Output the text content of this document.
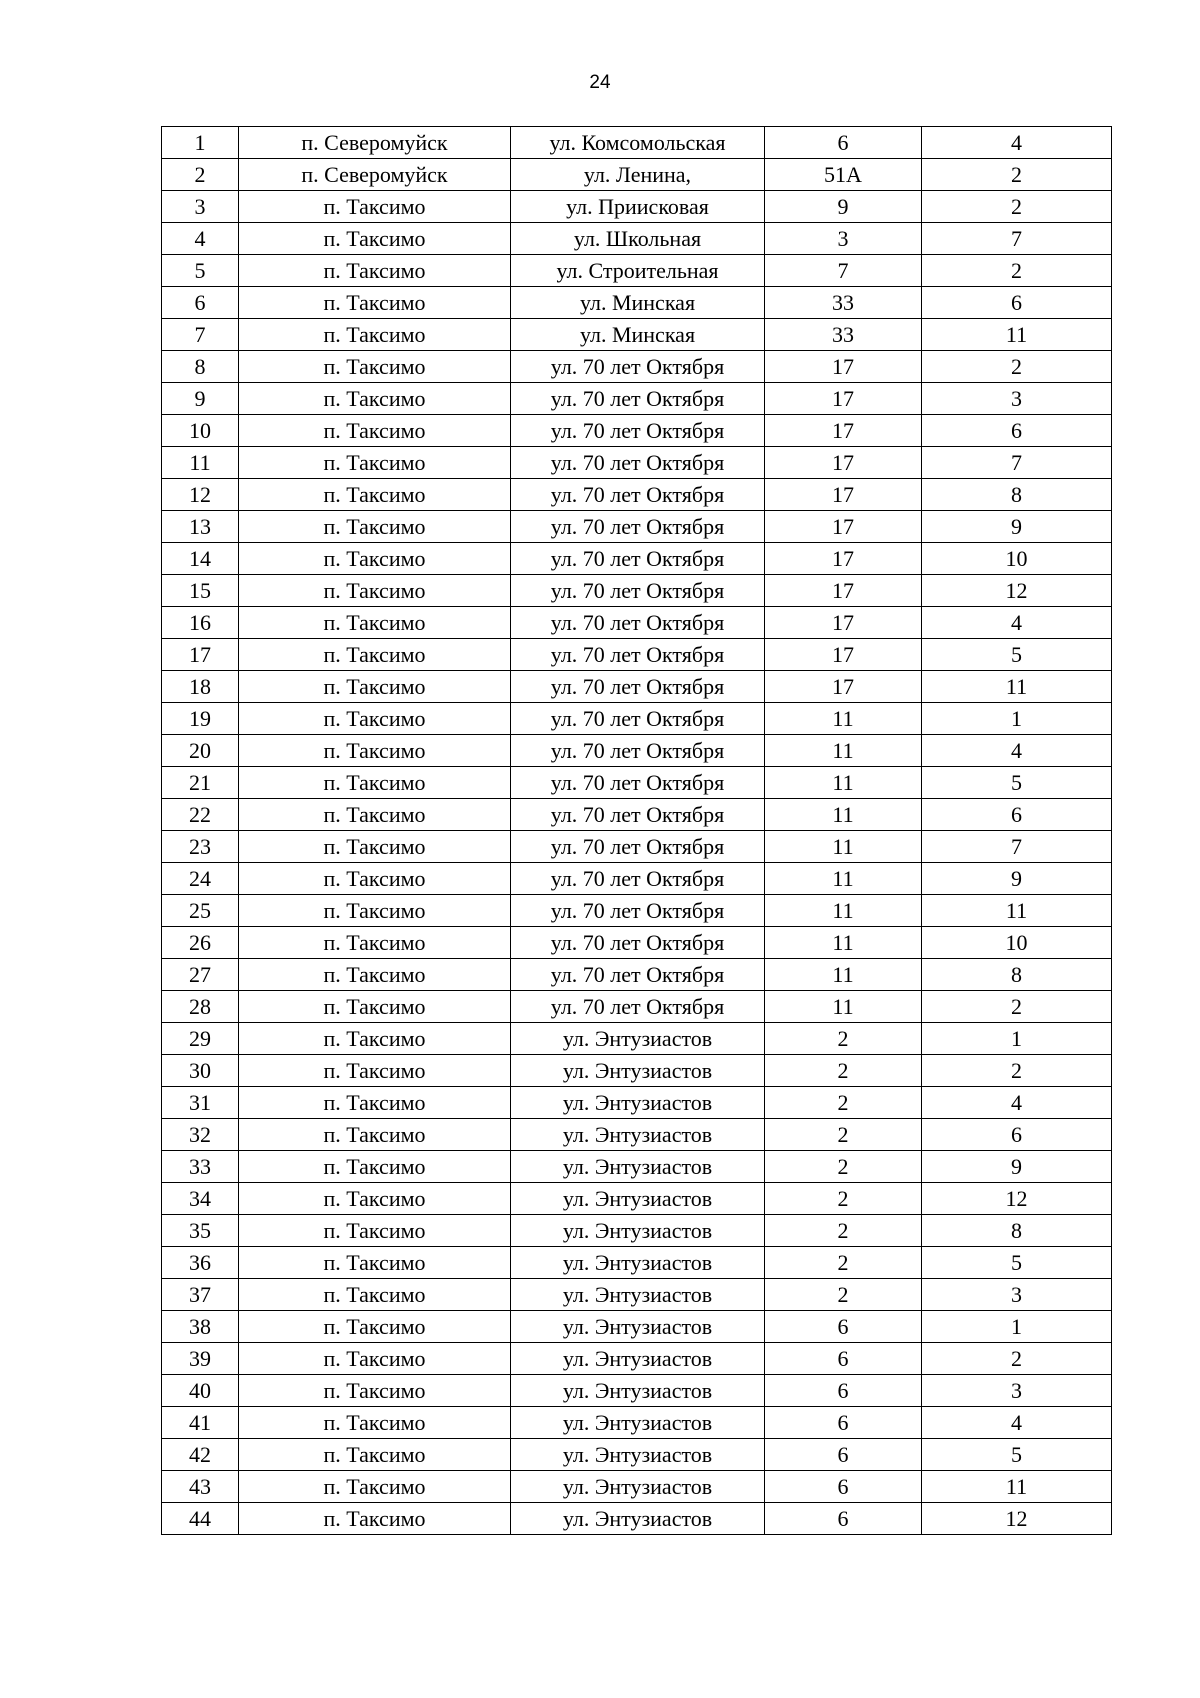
24
1	п. Северомуйск	ул. Комсомольская	6	4
2	п. Северомуйск	ул. Ленина,	51А	2
3	п. Таксимо	ул. Приисковая	9	2
4	п. Таксимо	ул. Школьная	3	7
5	п. Таксимо	ул. Строительная	7	2
6	п. Таксимо	ул. Минская	33	6
7	п. Таксимо	ул. Минская	33	11
8	п. Таксимо	ул. 70 лет Октября	17	2
9	п. Таксимо	ул. 70 лет Октября	17	3
10	п. Таксимо	ул. 70 лет Октября	17	6
11	п. Таксимо	ул. 70 лет Октября	17	7
12	п. Таксимо	ул. 70 лет Октября	17	8
13	п. Таксимо	ул. 70 лет Октября	17	9
14	п. Таксимо	ул. 70 лет Октября	17	10
15	п. Таксимо	ул. 70 лет Октября	17	12
16	п. Таксимо	ул. 70 лет Октября	17	4
17	п. Таксимо	ул. 70 лет Октября	17	5
18	п. Таксимо	ул. 70 лет Октября	17	11
19	п. Таксимо	ул. 70 лет Октября	11	1
20	п. Таксимо	ул. 70 лет Октября	11	4
21	п. Таксимо	ул. 70 лет Октября	11	5
22	п. Таксимо	ул. 70 лет Октября	11	6
23	п. Таксимо	ул. 70 лет Октября	11	7
24	п. Таксимо	ул. 70 лет Октября	11	9
25	п. Таксимо	ул. 70 лет Октября	11	11
26	п. Таксимо	ул. 70 лет Октября	11	10
27	п. Таксимо	ул. 70 лет Октября	11	8
28	п. Таксимо	ул. 70 лет Октября	11	2
29	п. Таксимо	ул. Энтузиастов	2	1
30	п. Таксимо	ул. Энтузиастов	2	2
31	п. Таксимо	ул. Энтузиастов	2	4
32	п. Таксимо	ул. Энтузиастов	2	6
33	п. Таксимо	ул. Энтузиастов	2	9
34	п. Таксимо	ул. Энтузиастов	2	12
35	п. Таксимо	ул. Энтузиастов	2	8
36	п. Таксимо	ул. Энтузиастов	2	5
37	п. Таксимо	ул. Энтузиастов	2	3
38	п. Таксимо	ул. Энтузиастов	6	1
39	п. Таксимо	ул. Энтузиастов	6	2
40	п. Таксимо	ул. Энтузиастов	6	3
41	п. Таксимо	ул. Энтузиастов	6	4
42	п. Таксимо	ул. Энтузиастов	6	5
43	п. Таксимо	ул. Энтузиастов	6	11
44	п. Таксимо	ул. Энтузиастов	6	12
